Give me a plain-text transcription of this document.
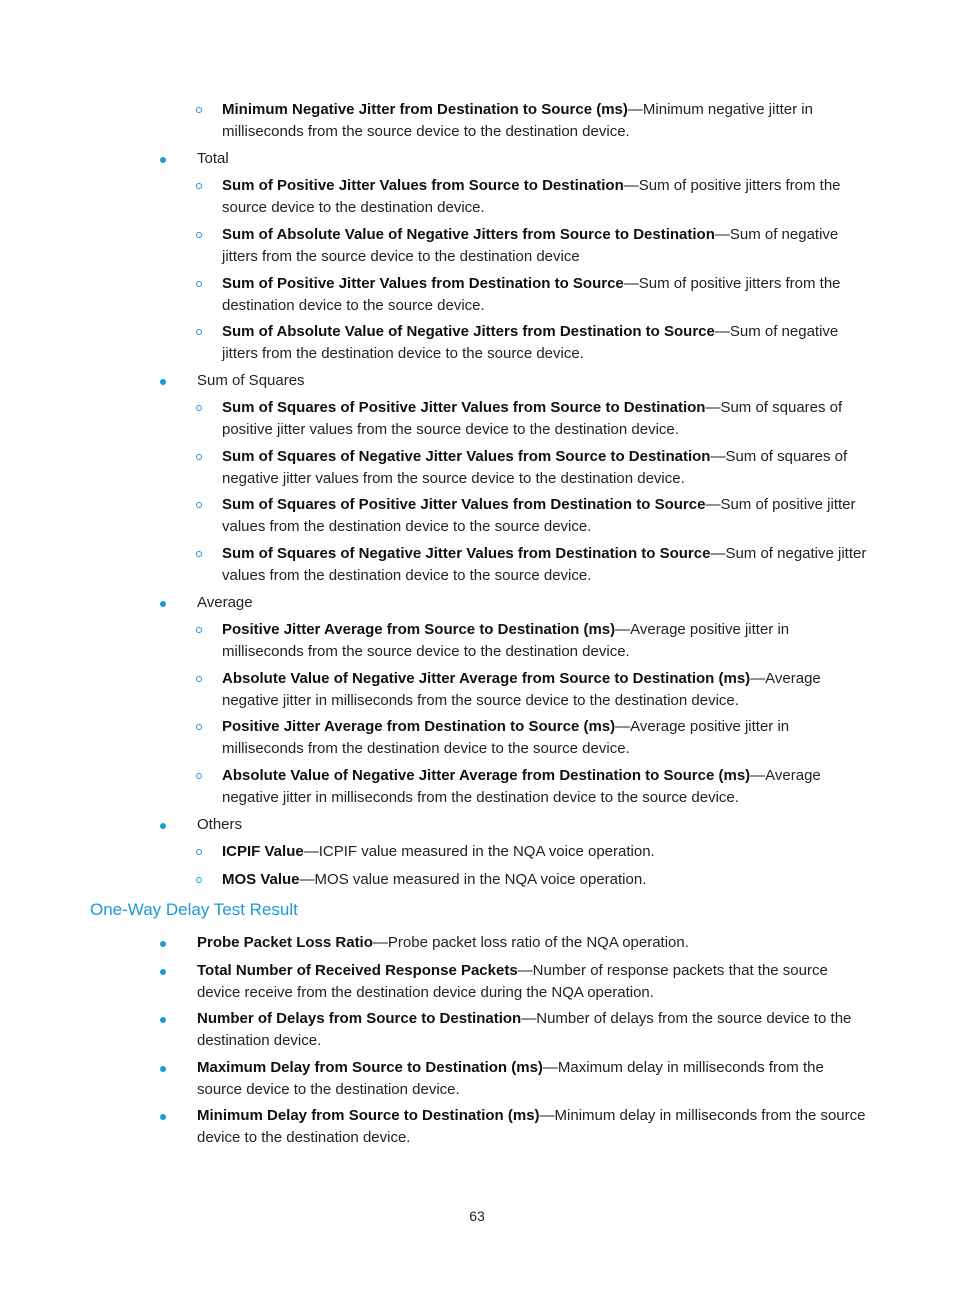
Minimum Negative Jitter from Destination to Source (ms)—Minimum negative jitter in milliseconds from the source device to the destination device.
Total
Sum of Positive Jitter Values from Source to Destination—Sum of positive jitters from the source device to the destination device.
Sum of Absolute Value of Negative Jitters from Source to Destination—Sum of negative jitters from the source device to the destination device
Sum of Positive Jitter Values from Destination to Source—Sum of positive jitters from the destination device to the source device.
Sum of Absolute Value of Negative Jitters from Destination to Source—Sum of negative jitters from the destination device to the source device.
Sum of Squares
Sum of Squares of Positive Jitter Values from Source to Destination—Sum of squares of positive jitter values from the source device to the destination device.
Sum of Squares of Negative Jitter Values from Source to Destination—Sum of squares of negative jitter values from the source device to the destination device.
Sum of Squares of Positive Jitter Values from Destination to Source—Sum of positive jitter values from the destination device to the source device.
Sum of Squares of Negative Jitter Values from Destination to Source—Sum of negative jitter values from the destination device to the source device.
Average
Positive Jitter Average from Source to Destination (ms)—Average positive jitter in milliseconds from the source device to the destination device.
Absolute Value of Negative Jitter Average from Source to Destination (ms)—Average negative jitter in milliseconds from the source device to the destination device.
Positive Jitter Average from Destination to Source (ms)—Average positive jitter in milliseconds from the destination device to the source device.
Absolute Value of Negative Jitter Average from Destination to Source (ms)—Average negative jitter in milliseconds from the destination device to the source device.
Others
ICPIF Value—ICPIF value measured in the NQA voice operation.
MOS Value—MOS value measured in the NQA voice operation.
One-Way Delay Test Result
Probe Packet Loss Ratio—Probe packet loss ratio of the NQA operation.
Total Number of Received Response Packets—Number of response packets that the source device receive from the destination device during the NQA operation.
Number of Delays from Source to Destination—Number of delays from the source device to the destination device.
Maximum Delay from Source to Destination (ms)—Maximum delay in milliseconds from the source device to the destination device.
Minimum Delay from Source to Destination (ms)—Minimum delay in milliseconds from the source device to the destination device.
63
